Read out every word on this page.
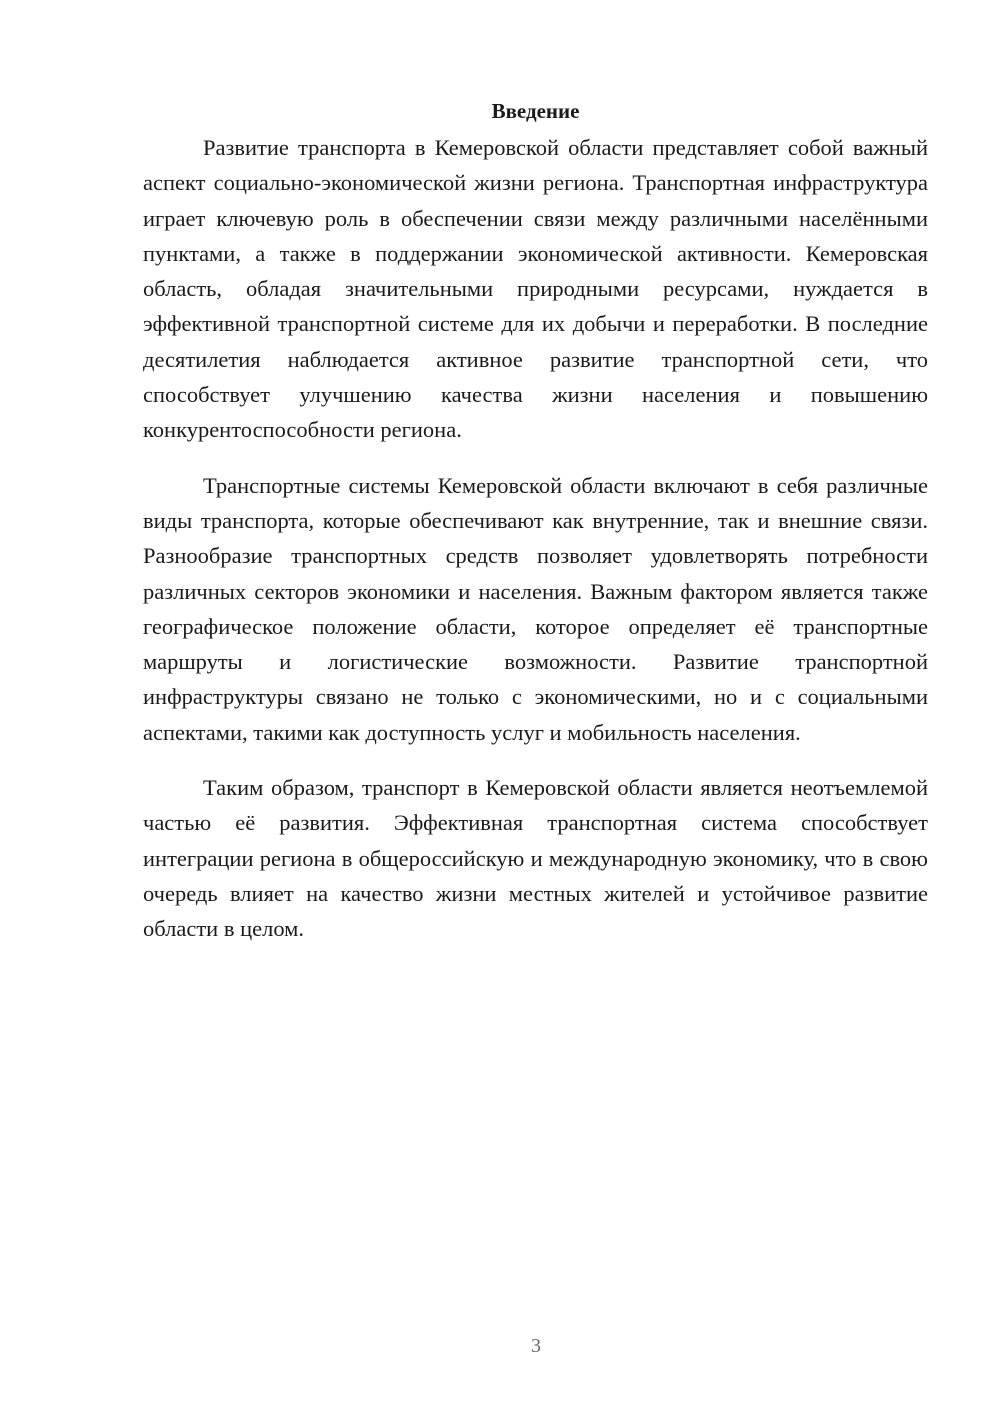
Введение

Развитие транспорта в Кемеровской области представляет собой важный аспект социально-экономической жизни региона. Транспортная инфраструктура играет ключевую роль в обеспечении связи между различными населёнными пунктами, а также в поддержании экономической активности. Кемеровская область, обладая значительными природными ресурсами, нуждается в эффективной транспортной системе для их добычи и переработки. В последние десятилетия наблюдается активное развитие транспортной сети, что способствует улучшению качества жизни населения и повышению конкурентоспособности региона.

Транспортные системы Кемеровской области включают в себя различные виды транспорта, которые обеспечивают как внутренние, так и внешние связи. Разнообразие транспортных средств позволяет удовлетворять потребности различных секторов экономики и населения. Важным фактором является также географическое положение области, которое определяет её транспортные маршруты и логистические возможности. Развитие транспортной инфраструктуры связано не только с экономическими, но и с социальными аспектами, такими как доступность услуг и мобильность населения.

Таким образом, транспорт в Кемеровской области является неотъемлемой частью её развития. Эффективная транспортная система способствует интеграции региона в общероссийскую и международную экономику, что в свою очередь влияет на качество жизни местных жителей и устойчивое развитие области в целом.

3
